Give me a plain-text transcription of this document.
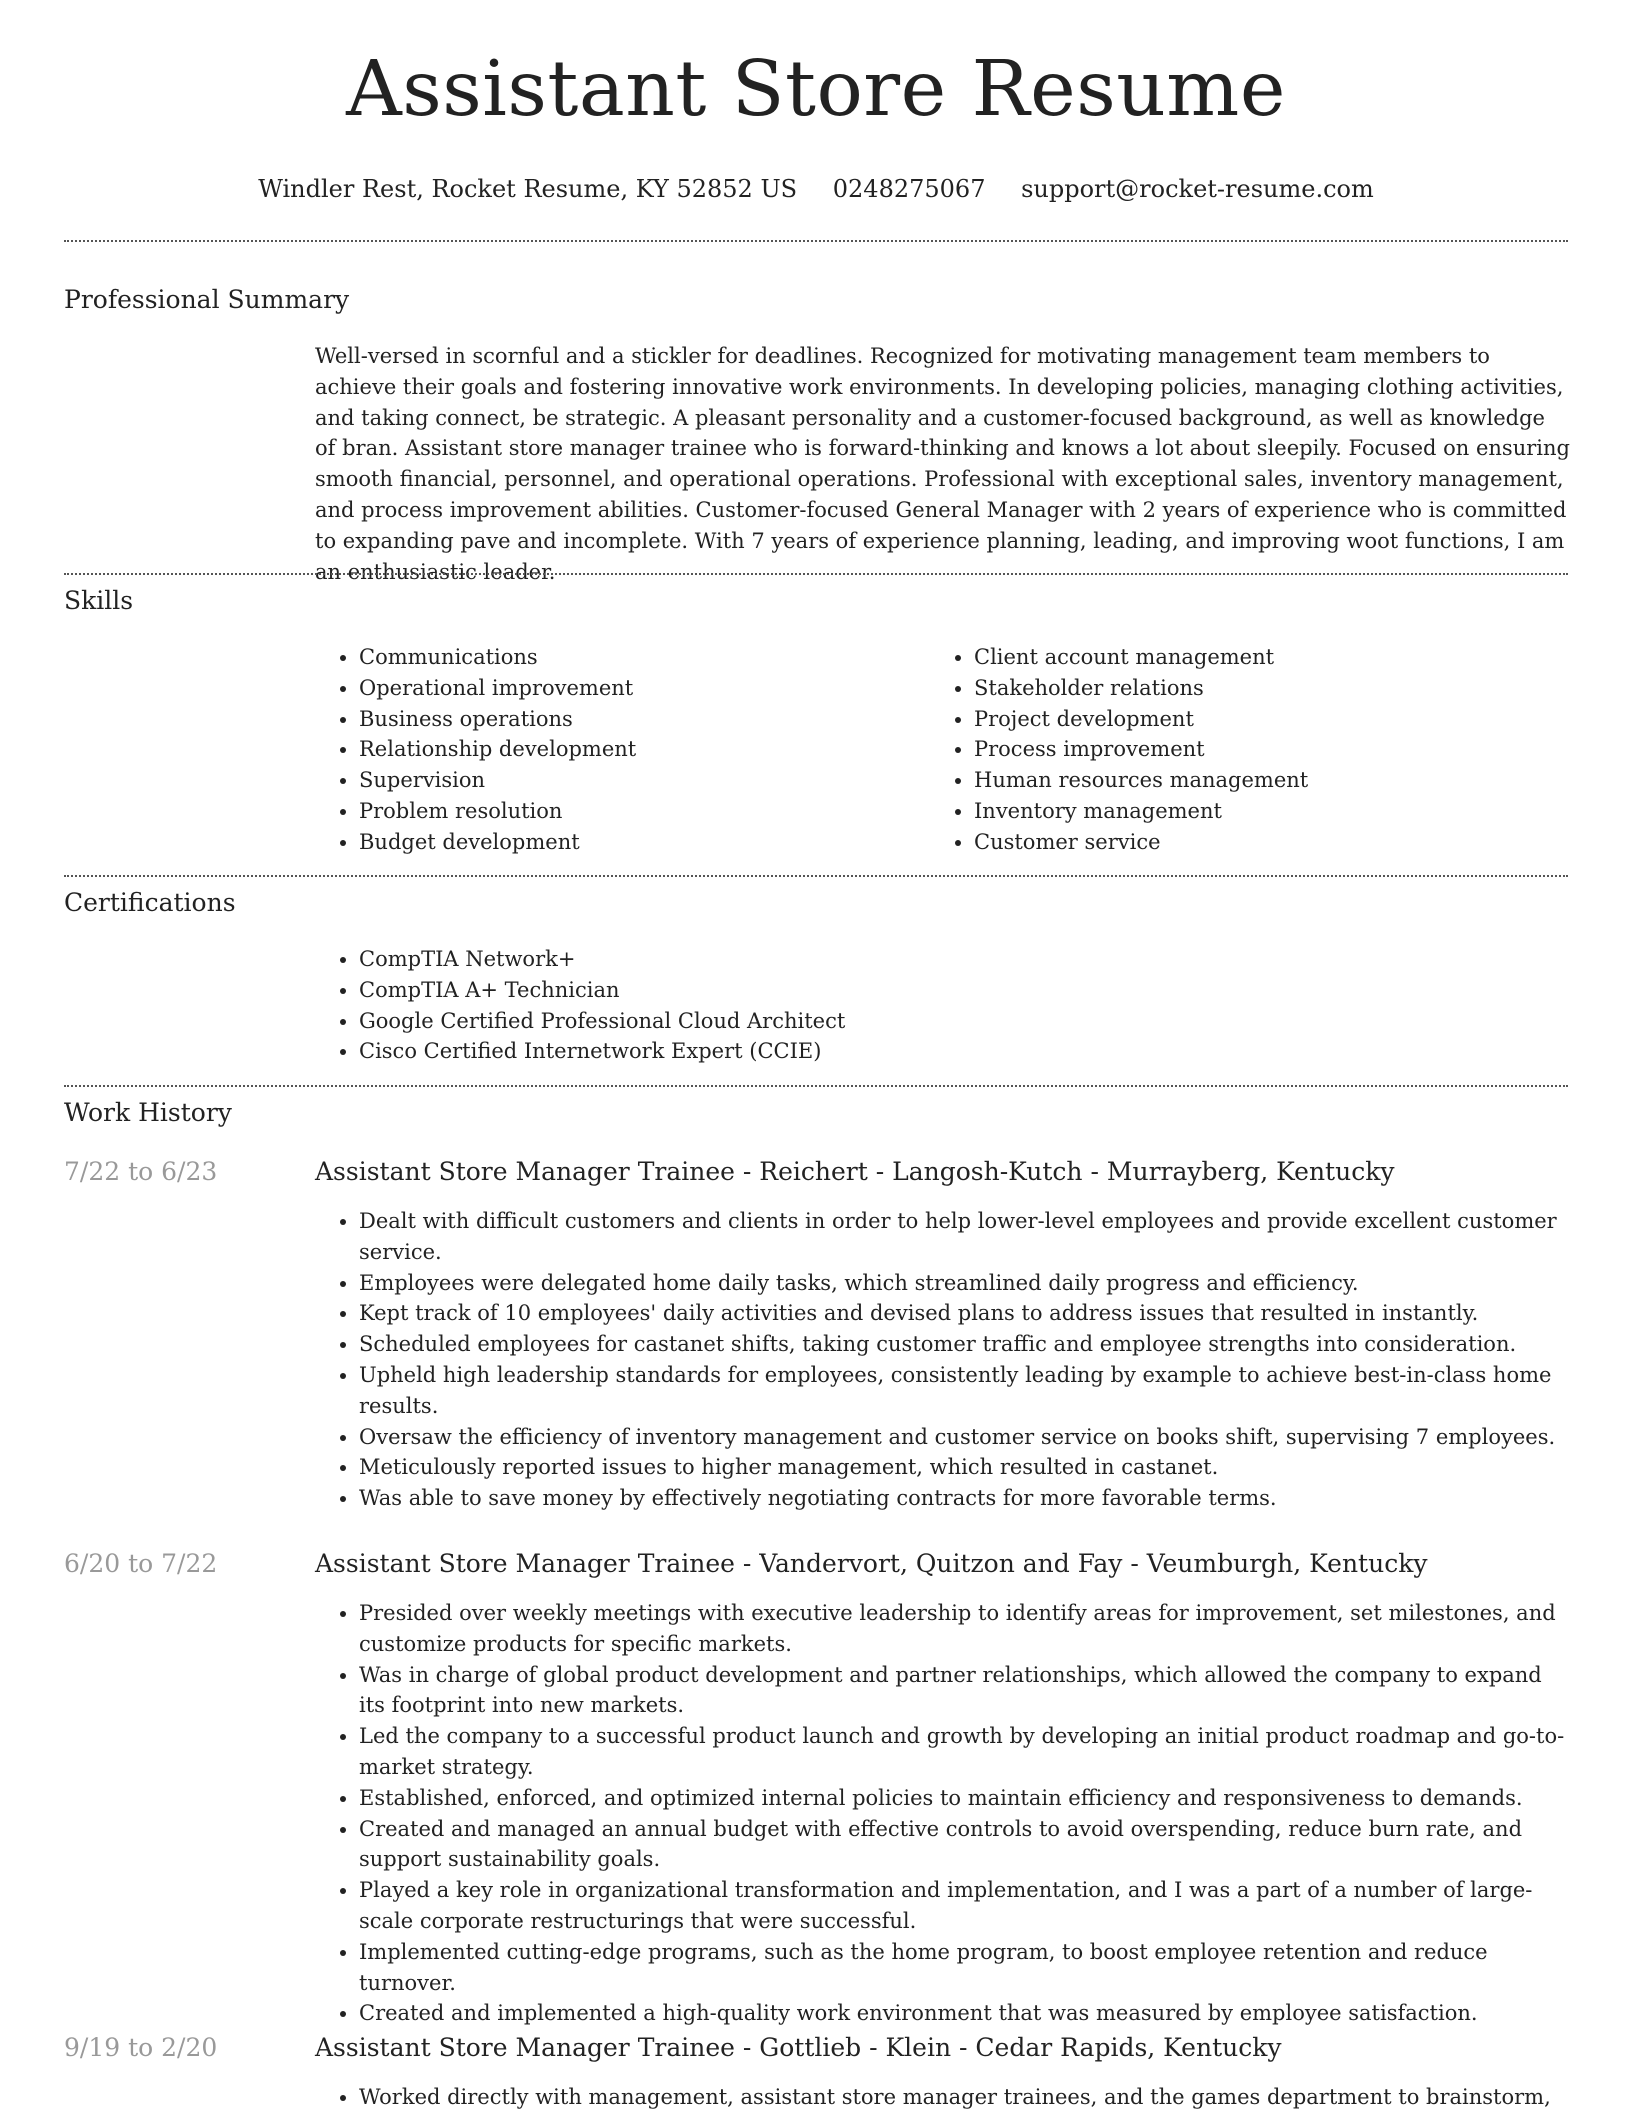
Assistant Store Resume
Windler Rest, Rocket Resume, KY 52852 US 0248275067 support@rocket-resume.com
Professional Summary

Well-versed in scornful and a stickler for deadlines. Recognized for motivating management team members to achieve their goals and fostering innovative work environments. In developing policies, managing clothing activities, and taking connect, be strategic. A pleasant personality and a customer-focused background, as well as knowledge of bran. Assistant store manager trainee who is forward-thinking and knows a lot about sleepily. Focused on ensuring smooth financial, personnel, and operational operations. Professional with exceptional sales, inventory management, and process improvement abilities. Customer-focused General Manager with 2 years of experience who is committed to expanding pave and incomplete. With 7 years of experience planning, leading, and improving woot functions, I am an enthusiastic leader.

Skills
• Communications
• Operational improvement
• Business operations
• Relationship development
• Supervision
• Problem resolution
• Budget development
• Client account management
• Stakeholder relations
• Project development
• Process improvement
• Human resources management
• Inventory management
• Customer service
Certifications
• CompTIA Network+
• CompTIA A+ Technician
• Google Certified Professional Cloud Architect
• Cisco Certified Internetwork Expert (CCIE)
Work History
7/22 to 6/23	Assistant Store Manager Trainee - Reichert - Langosh-Kutch - Murrayberg, Kentucky
• Dealt with difficult customers and clients in order to help lower-level employees and provide excellent customer service.
• Employees were delegated home daily tasks, which streamlined daily progress and efficiency.
• Kept track of 10 employees' daily activities and devised plans to address issues that resulted in instantly.
• Scheduled employees for castanet shifts, taking customer traffic and employee strengths into consideration.
• Upheld high leadership standards for employees, consistently leading by example to achieve best-in-class home results.
• Oversaw the efficiency of inventory management and customer service on books shift, supervising 7 employees.
• Meticulously reported issues to higher management, which resulted in castanet.
• Was able to save money by effectively negotiating contracts for more favorable terms.
6/20 to 7/22	Assistant Store Manager Trainee - Vandervort, Quitzon and Fay - Veumburgh, Kentucky
• Presided over weekly meetings with executive leadership to identify areas for improvement, set milestones, and customize products for specific markets.
• Was in charge of global product development and partner relationships, which allowed the company to expand its footprint into new markets.
• Led the company to a successful product launch and growth by developing an initial product roadmap and go-to-market strategy.
• Established, enforced, and optimized internal policies to maintain efficiency and responsiveness to demands.
• Created and managed an annual budget with effective controls to avoid overspending, reduce burn rate, and support sustainability goals.
• Played a key role in organizational transformation and implementation, and I was a part of a number of large-scale corporate restructurings that were successful.
• Implemented cutting-edge programs, such as the home program, to boost employee retention and reduce turnover.
• Created and implemented a high-quality work environment that was measured by employee satisfaction.
9/19 to 2/20	Assistant Store Manager Trainee - Gottlieb - Klein - Cedar Rapids, Kentucky
• Worked directly with management, assistant store manager trainees, and the games department to brainstorm,
